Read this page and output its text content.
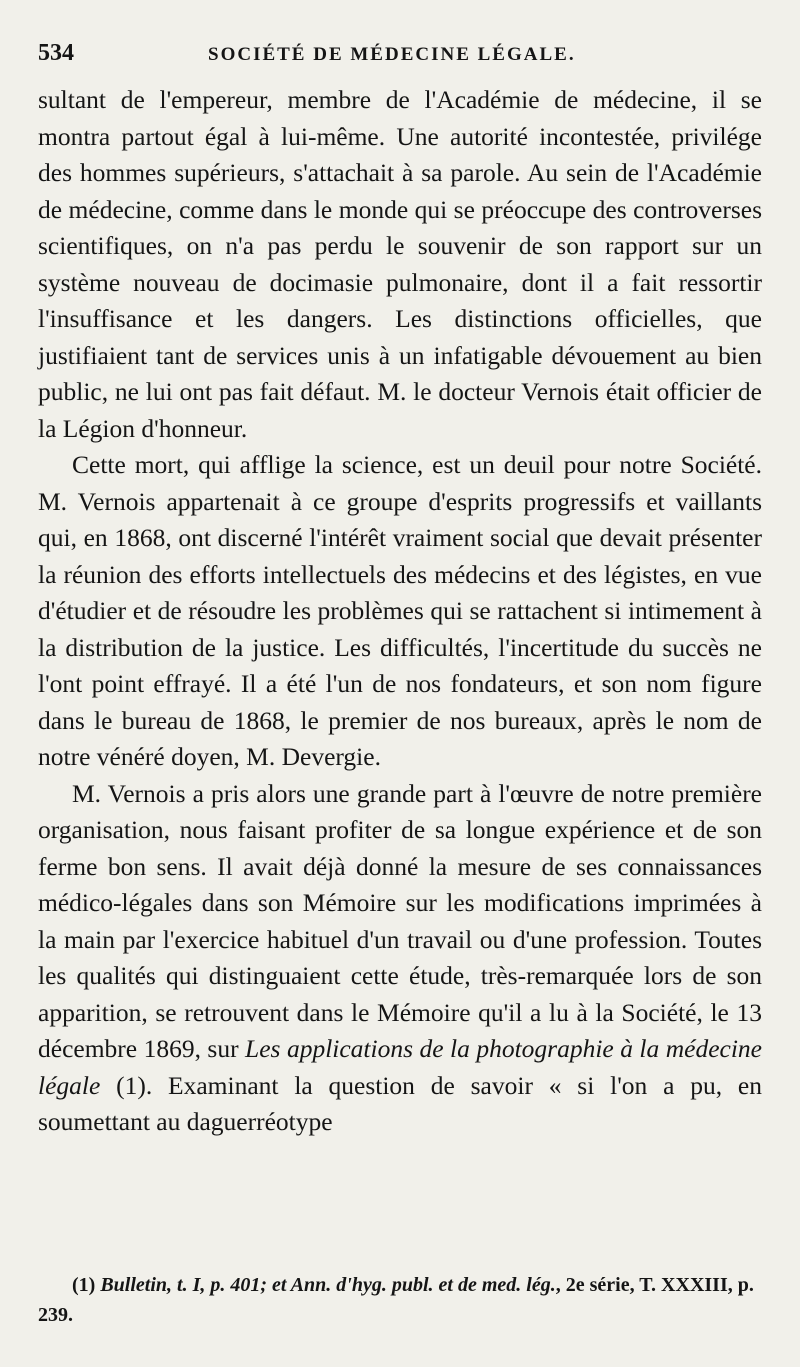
534	SOCIÉTÉ DE MÉDECINE LÉGALE.

sultant de l'empereur, membre de l'Académie de médecine, il se montra partout égal à lui-même. Une autorité incontestée, privilége des hommes supérieurs, s'attachait à sa parole. Au sein de l'Académie de médecine, comme dans le monde qui se préoccupe des controverses scientifiques, on n'a pas perdu le souvenir de son rapport sur un système nouveau de docimasie pulmonaire, dont il a fait ressortir l'insuffisance et les dangers. Les distinctions officielles, que justifiaient tant de services unis à un infatigable dévouement au bien public, ne lui ont pas fait défaut. M. le docteur Vernois était officier de la Légion d'honneur.

Cette mort, qui afflige la science, est un deuil pour notre Société. M. Vernois appartenait à ce groupe d'esprits progressifs et vaillants qui, en 1868, ont discerné l'intérêt vraiment social que devait présenter la réunion des efforts intellectuels des médecins et des légistes, en vue d'étudier et de résoudre les problèmes qui se rattachent si intimement à la distribution de la justice. Les difficultés, l'incertitude du succès ne l'ont point effrayé. Il a été l'un de nos fondateurs, et son nom figure dans le bureau de 1868, le premier de nos bureaux, après le nom de notre vénéré doyen, M. Devergie.

M. Vernois a pris alors une grande part à l'œuvre de notre première organisation, nous faisant profiter de sa longue expérience et de son ferme bon sens. Il avait déjà donné la mesure de ses connaissances médico-légales dans son Mémoire sur les modifications imprimées à la main par l'exercice habituel d'un travail ou d'une profession. Toutes les qualités qui distinguaient cette étude, très-remarquée lors de son apparition, se retrouvent dans le Mémoire qu'il a lu à la Société, le 13 décembre 1869, sur Les applications de la photographie à la médecine légale (1). Examinant la question de savoir « si l'on a pu, en soumettant au daguerréotype

(1) Bulletin, t. I, p. 401; et Ann. d'hyg. publ. et de med. lég., 2e série, T. XXXIII, p. 239.
